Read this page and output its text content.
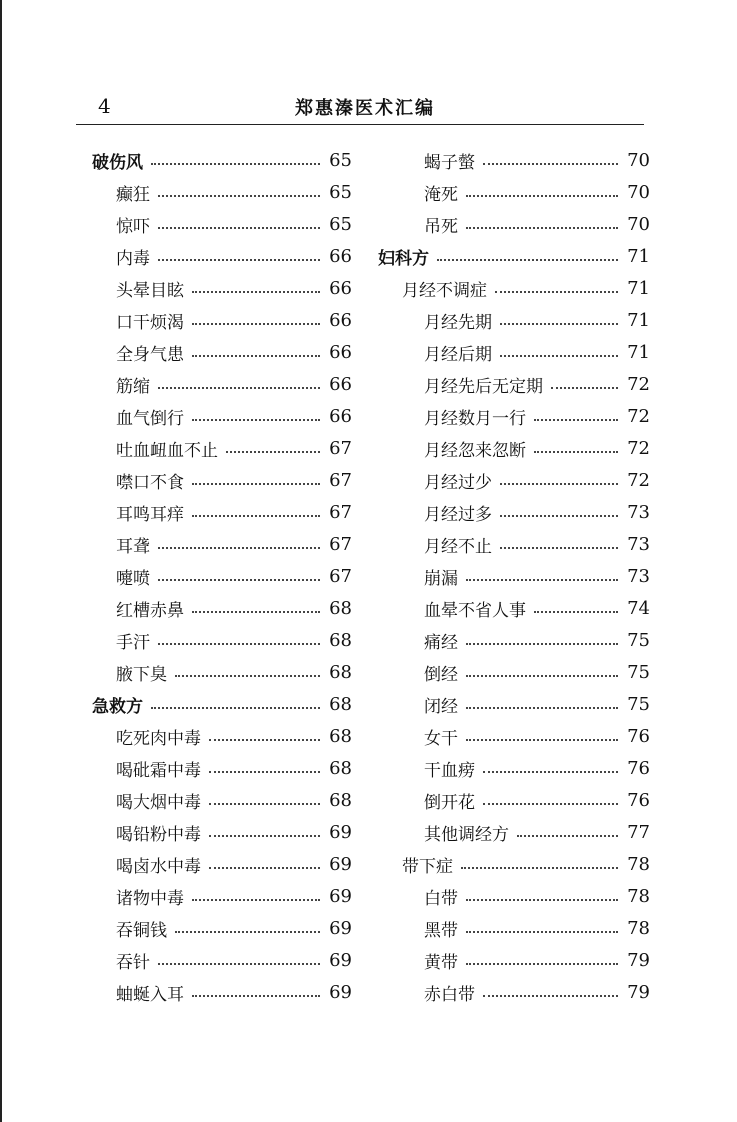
4	郑惠溱医术汇编
破伤风	65
癫狂	65
惊吓	65
内毒	66
头晕目眩	66
口干烦渴	66
全身气患	66
筋缩	66
血气倒行	66
吐血衄血不止	67
噤口不食	67
耳鸣耳痒	67
耳聋	67
嚏喷	67
红槽赤鼻	68
手汗	68
腋下臭	68
急救方	68
吃死肉中毒	68
喝砒霜中毒	68
喝大烟中毒	68
喝铅粉中毒	69
喝卤水中毒	69
诸物中毒	69
吞铜钱	69
吞针	69
蚰蜒入耳	69
蝎子螫	70
淹死	70
吊死	70
妇科方	71
月经不调症	71
月经先期	71
月经后期	71
月经先后无定期	72
月经数月一行	72
月经忽来忽断	72
月经过少	72
月经过多	73
月经不止	73
崩漏	73
血晕不省人事	74
痛经	75
倒经	75
闭经	75
女干	76
干血痨	76
倒开花	76
其他调经方	77
带下症	78
白带	78
黑带	78
黄带	79
赤白带	79
